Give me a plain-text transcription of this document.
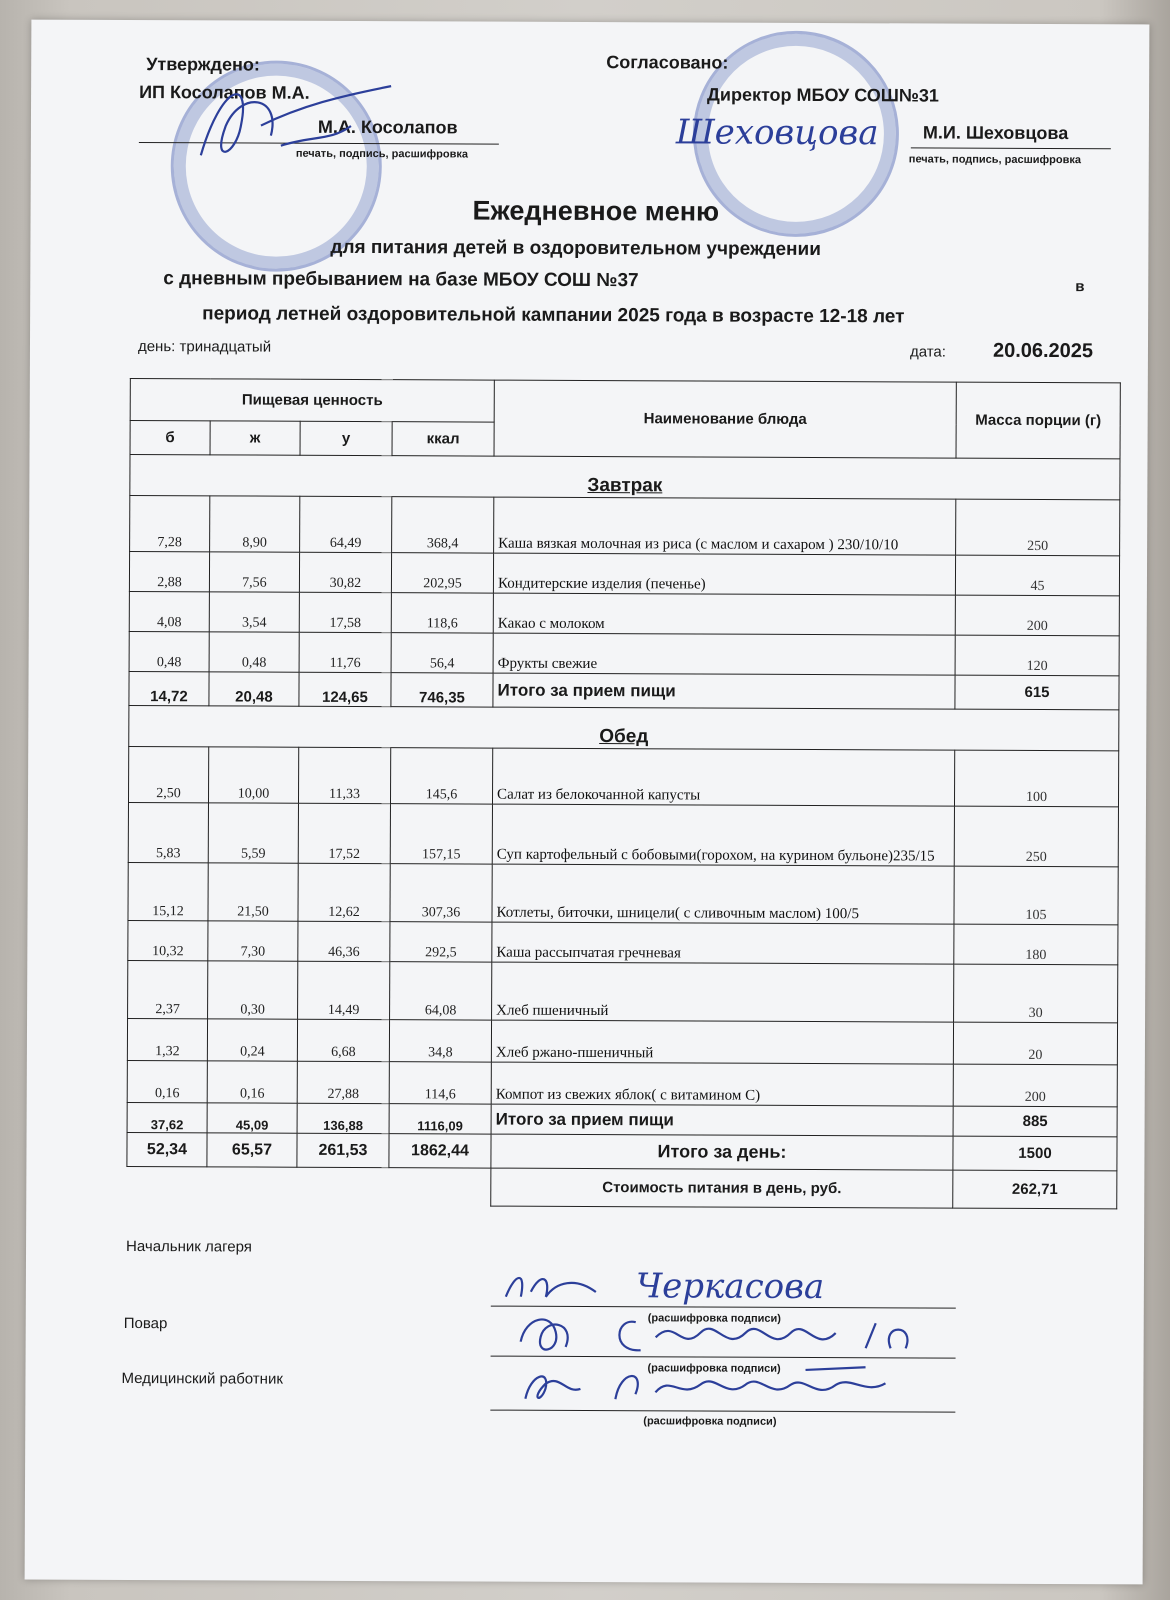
Утверждено:
ИП Косолапов М.А.
М.А. Косолапов
печать, подпись, расшифровка
Согласовано:
Директор МБОУ СОШ№31
Шеховцова М.И. Шеховцова
печать, подпись, расшифровка
Ежедневное меню
для питания детей в оздоровительном учреждении
с дневным пребыванием на базе МБОУ СОШ №37	в
период летней оздоровительной кампании 2025 года в возрасте 12-18 лет
день: тринадцатый	дата: 20.06.2025
Пищевая ценность				Наименование блюда	Масса порции (г)
б	ж	у	ккал		
Завтрак					
7,28	8,90	64,49	368,4	Каша вязкая молочная из риса (с маслом и сахаром ) 230/10/10	250
2,88	7,56	30,82	202,95	Кондитерские изделия (печенье)	45
4,08	3,54	17,58	118,6	Какао с молоком	200
0,48	0,48	11,76	56,4	Фрукты свежие	120
14,72	20,48	124,65	746,35	Итого за прием пищи	615
Обед					
2,50	10,00	11,33	145,6	Салат из белокочанной капусты	100
5,83	5,59	17,52	157,15	Суп картофельный с бобовыми(горохом, на курином бульоне)235/15	250
15,12	21,50	12,62	307,36	Котлеты, биточки, шницели( с сливочным маслом) 100/5	105
10,32	7,30	46,36	292,5	Каша рассыпчатая гречневая	180
2,37	0,30	14,49	64,08	Хлеб пшеничный	30
1,32	0,24	6,68	34,8	Хлеб ржано-пшеничный	20
0,16	0,16	27,88	114,6	Компот из свежих яблок( с витамином С)	200
37,62	45,09	136,88	1116,09	Итого за прием пищи	885
52,34	65,57	261,53	1862,44	Итого за день:	1500
				Стоимость питания в день, руб.	262,71
Начальник лагеря
Черкасова
(расшифровка подписи)
Повар
(расшифровка подписи)
Медицинский работник
(расшифровка подписи)
